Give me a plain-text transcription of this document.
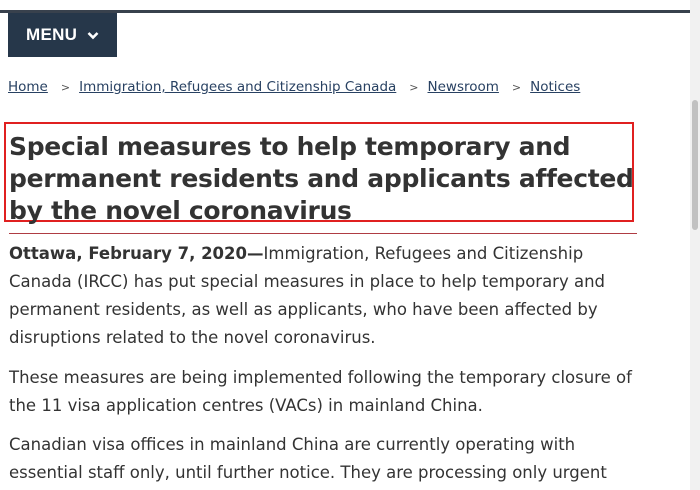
MENU
Home > Immigration, Refugees and Citizenship Canada > Newsroom > Notices
Special measures to help temporary and permanent residents and applicants affected by the novel coronavirus

Ottawa, February 7, 2020—Immigration, Refugees and Citizenship Canada (IRCC) has put special measures in place to help temporary and permanent residents, as well as applicants, who have been affected by disruptions related to the novel coronavirus.

These measures are being implemented following the temporary closure of the 11 visa application centres (VACs) in mainland China.

Canadian visa offices in mainland China are currently operating with essential staff only, until further notice. They are processing only urgent
